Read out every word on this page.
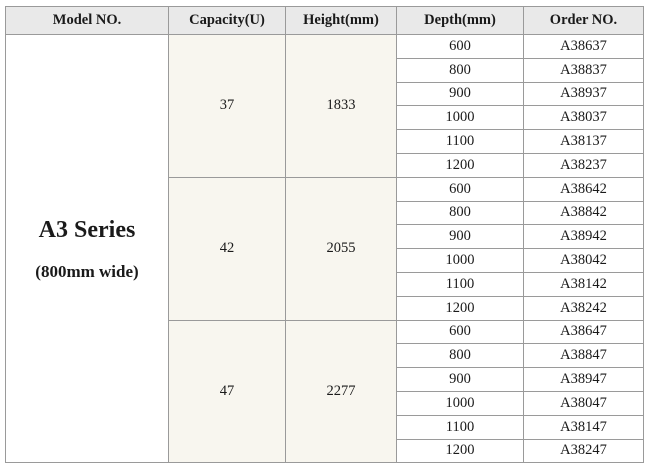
Model NO.	Capacity(U)	Height(mm)	Depth(mm)	Order NO.

A3 Series
(800mm wide)	37	1833	600	A38637
			800	A38837
			900	A38937
			1000	A38037
			1100	A38137
			1200	A38237
	42	2055	600	A38642
			800	A38842
			900	A38942
			1000	A38042
			1100	A38142
			1200	A38242
	47	2277	600	A38647
			800	A38847
			900	A38947
			1000	A38047
			1100	A38147
			1200	A38247
